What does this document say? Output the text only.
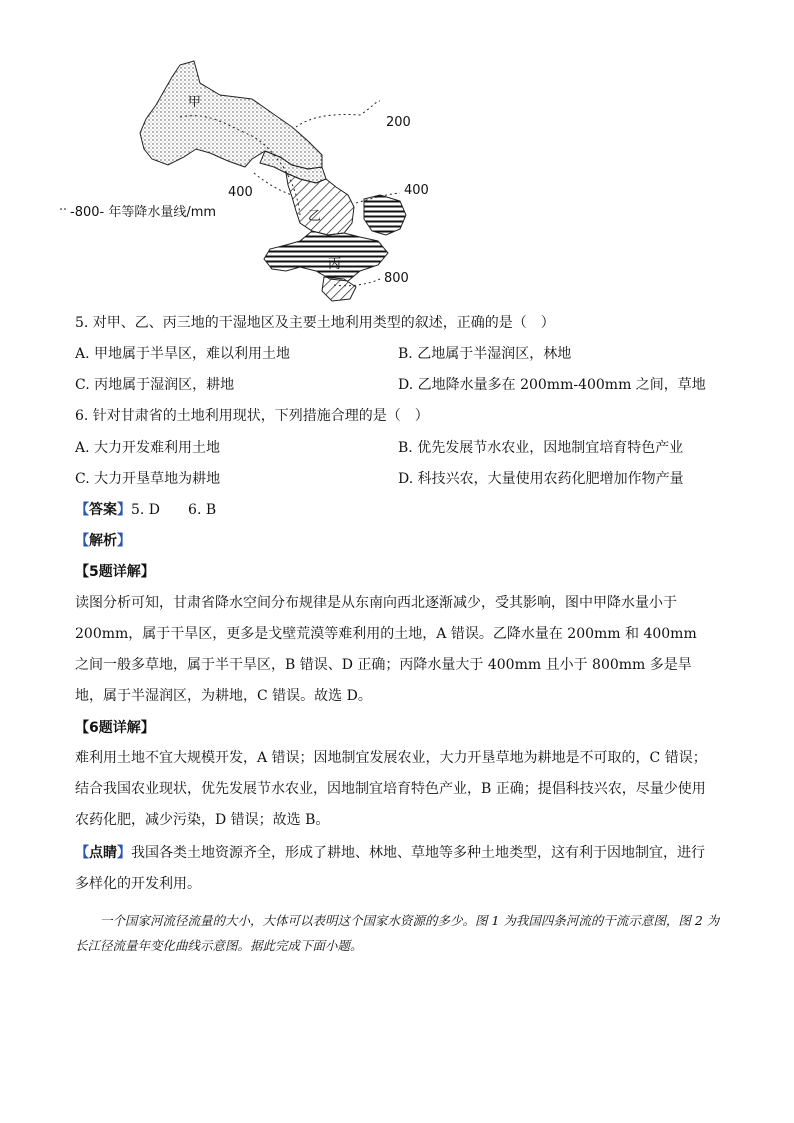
甲
乙
丙
200
400	400
800
-800- 年等降水量线/mm
5. 对甲、乙、丙三地的干湿地区及主要土地利用类型的叙述，正确的是（　）
A. 甲地属于半旱区，难以利用土地	B. 乙地属于半湿润区，林地
C. 丙地属于湿润区，耕地	D. 乙地降水量多在 200mm-400mm 之间，草地
6. 针对甘肃省的土地利用现状，下列措施合理的是（　）
A. 大力开发难利用土地	B. 优先发展节水农业，因地制宜培育特色产业
C. 大力开垦草地为耕地	D. 科技兴农，大量使用农药化肥增加作物产量
【答案】5. D　　6. B
【解析】
【5题详解】
读图分析可知，甘肃省降水空间分布规律是从东南向西北逐渐减少，受其影响，图中甲降水量小于200mm，属于干旱区，更多是戈壁荒漠等难利用的土地，A 错误。乙降水量在 200mm 和 400mm 之间一般多草地，属于半干旱区，B 错误、D 正确；丙降水量大于 400mm 且小于 800mm 多是旱地，属于半湿润区，为耕地，C 错误。故选 D。
【6题详解】
难利用土地不宜大规模开发，A 错误；因地制宜发展农业，大力开垦草地为耕地是不可取的，C 错误；结合我国农业现状，优先发展节水农业，因地制宜培育特色产业，B 正确；提倡科技兴农，尽量少使用农药化肥，减少污染，D 错误；故选 B。
【点睛】我国各类土地资源齐全，形成了耕地、林地、草地等多种土地类型，这有利于因地制宜，进行多样化的开发利用。
一个国家河流径流量的大小，大体可以表明这个国家水资源的多少。图 1 为我国四条河流的干流示意图，图 2 为长江径流量年变化曲线示意图。据此完成下面小题。
